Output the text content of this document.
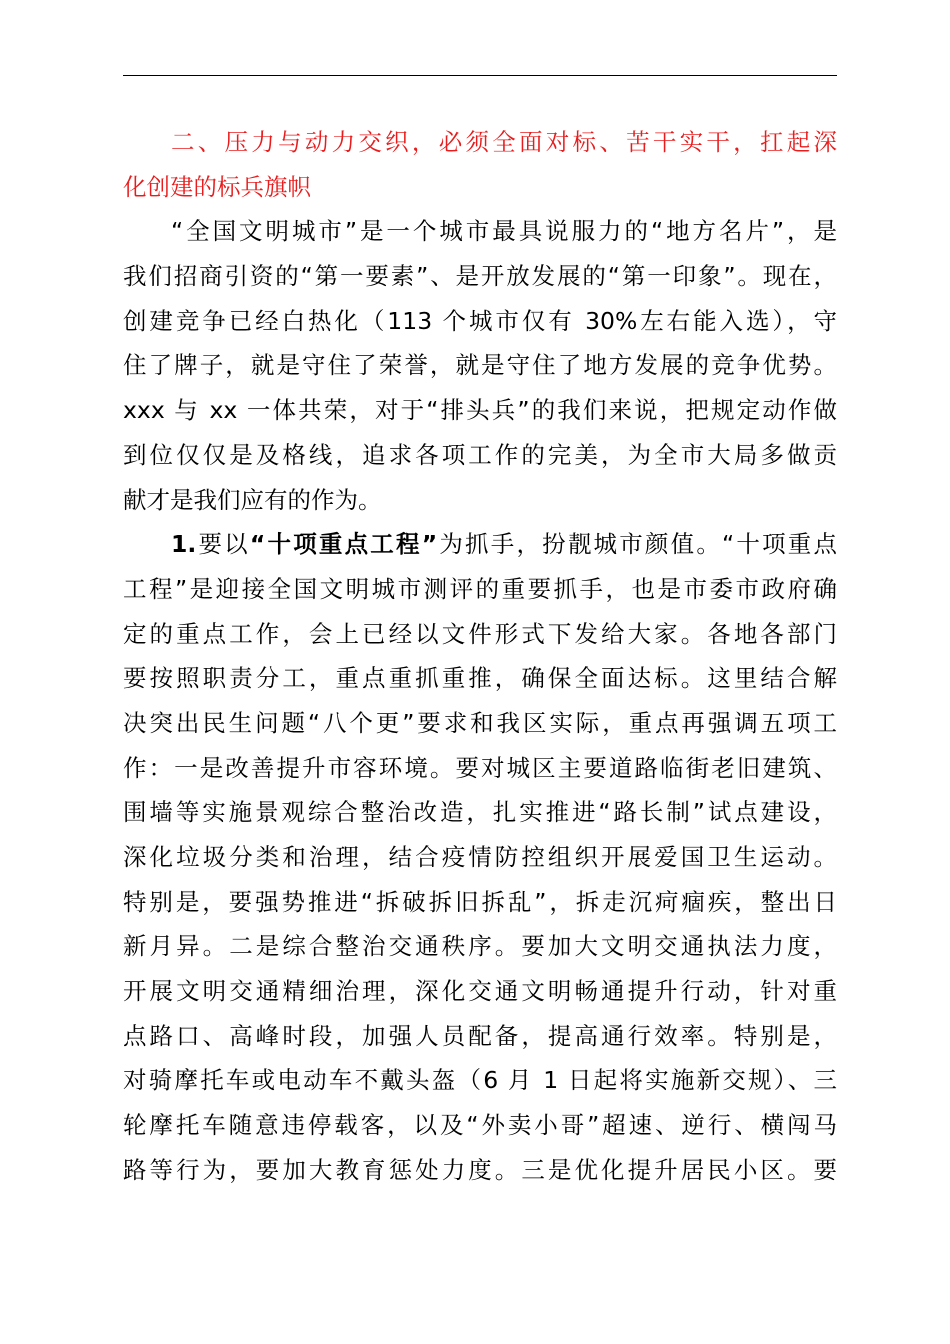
二、压力与动力交织，必须全面对标、苦干实干，扛起深
化创建的标兵旗帜
“全国文明城市”是一个城市最具说服力的“地方名片”，是
我们招商引资的“第一要素”、是开放发展的“第一印象”。现在，
创建竞争已经白热化（113 个城市仅有 30%左右能入选），守
住了牌子，就是守住了荣誉，就是守住了地方发展的竞争优势。
xxx 与 xx 一体共荣，对于“排头兵”的我们来说，把规定动作做
到位仅仅是及格线，追求各项工作的完美，为全市大局多做贡
献才是我们应有的作为。
1.要以“十项重点工程”为抓手，扮靓城市颜值。“十项重点
工程”是迎接全国文明城市测评的重要抓手，也是市委市政府确
定的重点工作，会上已经以文件形式下发给大家。各地各部门
要按照职责分工，重点重抓重推，确保全面达标。这里结合解
决突出民生问题“八个更”要求和我区实际，重点再强调五项工
作：一是改善提升市容环境。要对城区主要道路临街老旧建筑、
围墙等实施景观综合整治改造，扎实推进“路长制”试点建设，
深化垃圾分类和治理，结合疫情防控组织开展爱国卫生运动。
特别是，要强势推进“拆破拆旧拆乱”，拆走沉疴痼疾，整出日
新月异。二是综合整治交通秩序。要加大文明交通执法力度，
开展文明交通精细治理，深化交通文明畅通提升行动，针对重
点路口、高峰时段，加强人员配备，提高通行效率。特别是，
对骑摩托车或电动车不戴头盔（6 月 1 日起将实施新交规）、三
轮摩托车随意违停载客，以及“外卖小哥”超速、逆行、横闯马
路等行为，要加大教育惩处力度。三是优化提升居民小区。要
